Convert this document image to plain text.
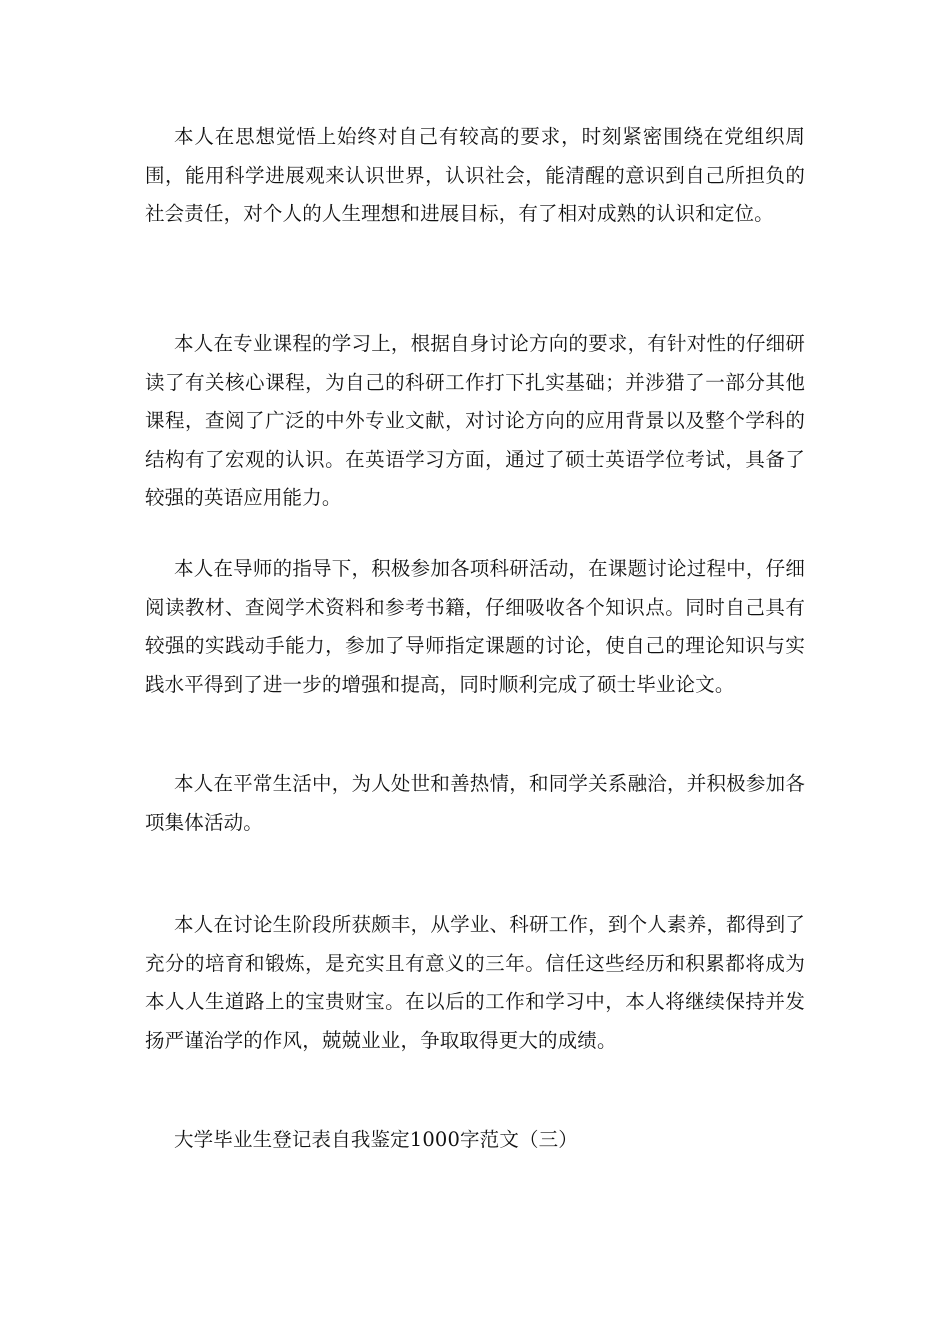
本人在思想觉悟上始终对自己有较高的要求，时刻紧密围绕在党组织周围，能用科学进展观来认识世界，认识社会，能清醒的意识到自己所担负的社会责任，对个人的人生理想和进展目标，有了相对成熟的认识和定位。

本人在专业课程的学习上，根据自身讨论方向的要求，有针对性的仔细研读了有关核心课程，为自己的科研工作打下扎实基础；并涉猎了一部分其他课程，查阅了广泛的中外专业文献，对讨论方向的应用背景以及整个学科的结构有了宏观的认识。在英语学习方面，通过了硕士英语学位考试，具备了较强的英语应用能力。

本人在导师的指导下，积极参加各项科研活动，在课题讨论过程中，仔细阅读教材、查阅学术资料和参考书籍，仔细吸收各个知识点。同时自己具有较强的实践动手能力，参加了导师指定课题的讨论，使自己的理论知识与实践水平得到了进一步的增强和提高，同时顺利完成了硕士毕业论文。

本人在平常生活中，为人处世和善热情，和同学关系融洽，并积极参加各项集体活动。

本人在讨论生阶段所获颇丰，从学业、科研工作，到个人素养，都得到了充分的培育和锻炼，是充实且有意义的三年。信任这些经历和积累都将成为本人人生道路上的宝贵财宝。在以后的工作和学习中，本人将继续保持并发扬严谨治学的作风，兢兢业业，争取取得更大的成绩。

大学毕业生登记表自我鉴定1000字范文（三）
